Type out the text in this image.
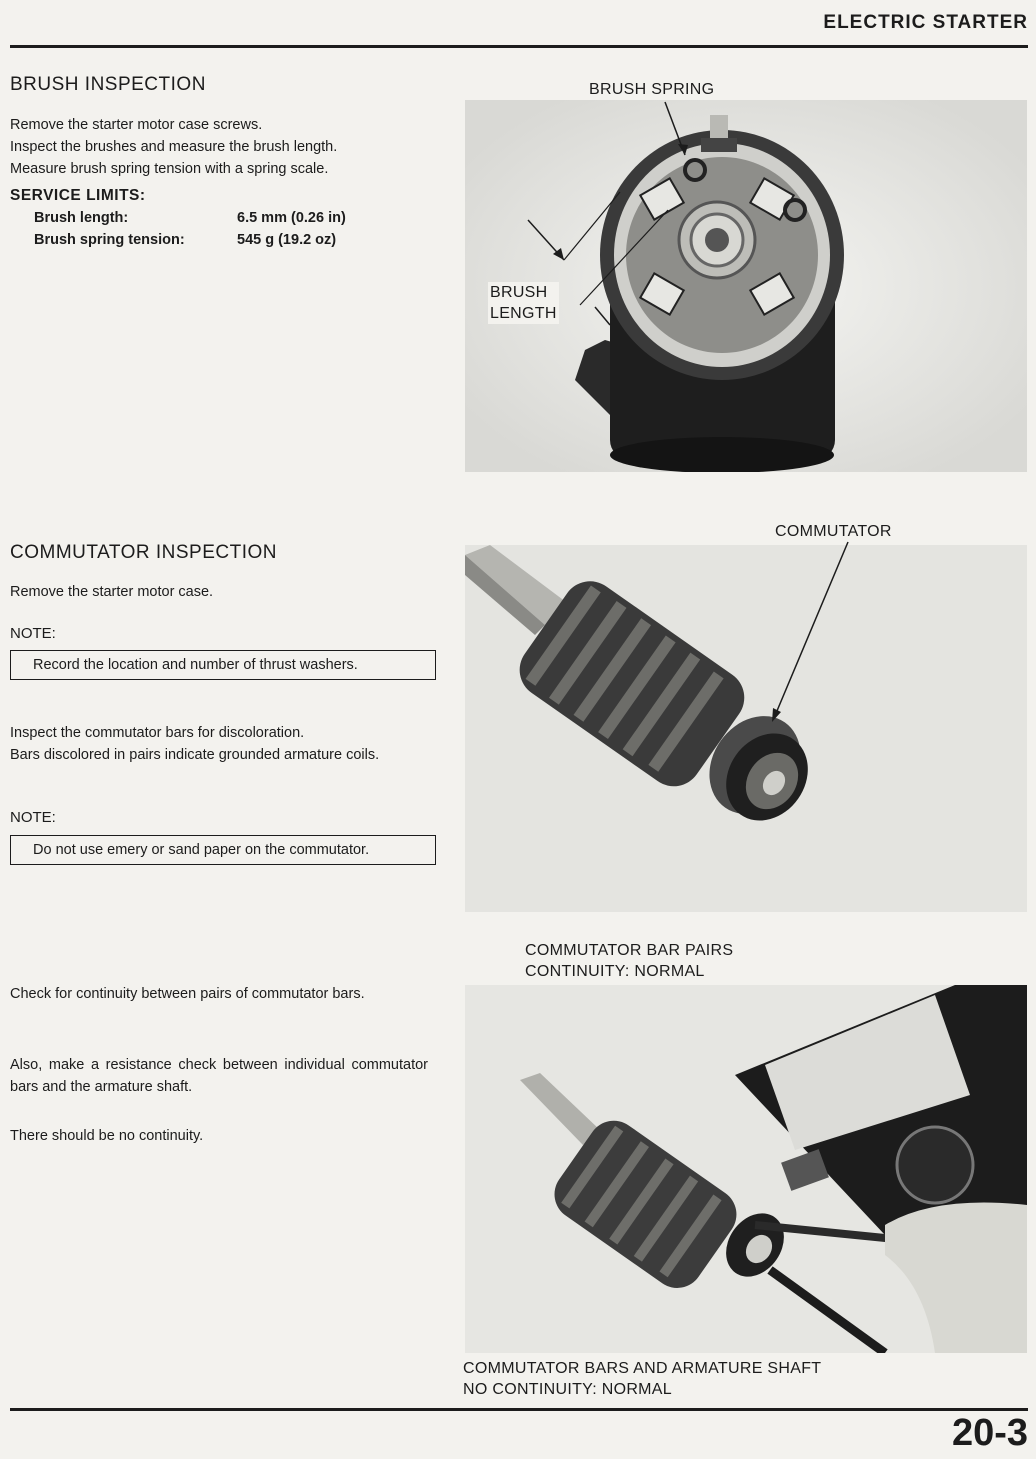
ELECTRIC STARTER
BRUSH INSPECTION
Remove the starter motor case screws.
Inspect the brushes and measure the brush length.
Measure brush spring tension with a spring scale.
SERVICE LIMITS:
Brush length:	6.5 mm (0.26 in)
Brush spring tension:	545 g (19.2 oz)
BRUSH SPRING
BRUSH
LENGTH
COMMUTATOR INSPECTION
Remove the starter motor case.
NOTE:
Record the location and number of thrust washers.
Inspect the commutator bars for discoloration.
Bars discolored in pairs indicate grounded armature coils.
NOTE:
Do not use emery or sand paper on the commutator.
Check for continuity between pairs of commutator bars.
Also, make a resistance check between individual commutator bars and the armature shaft.
There should be no continuity.
COMMUTATOR
COMMUTATOR BAR PAIRS
CONTINUITY: NORMAL
COMMUTATOR BARS AND ARMATURE SHAFT
NO CONTINUITY: NORMAL
20-3
